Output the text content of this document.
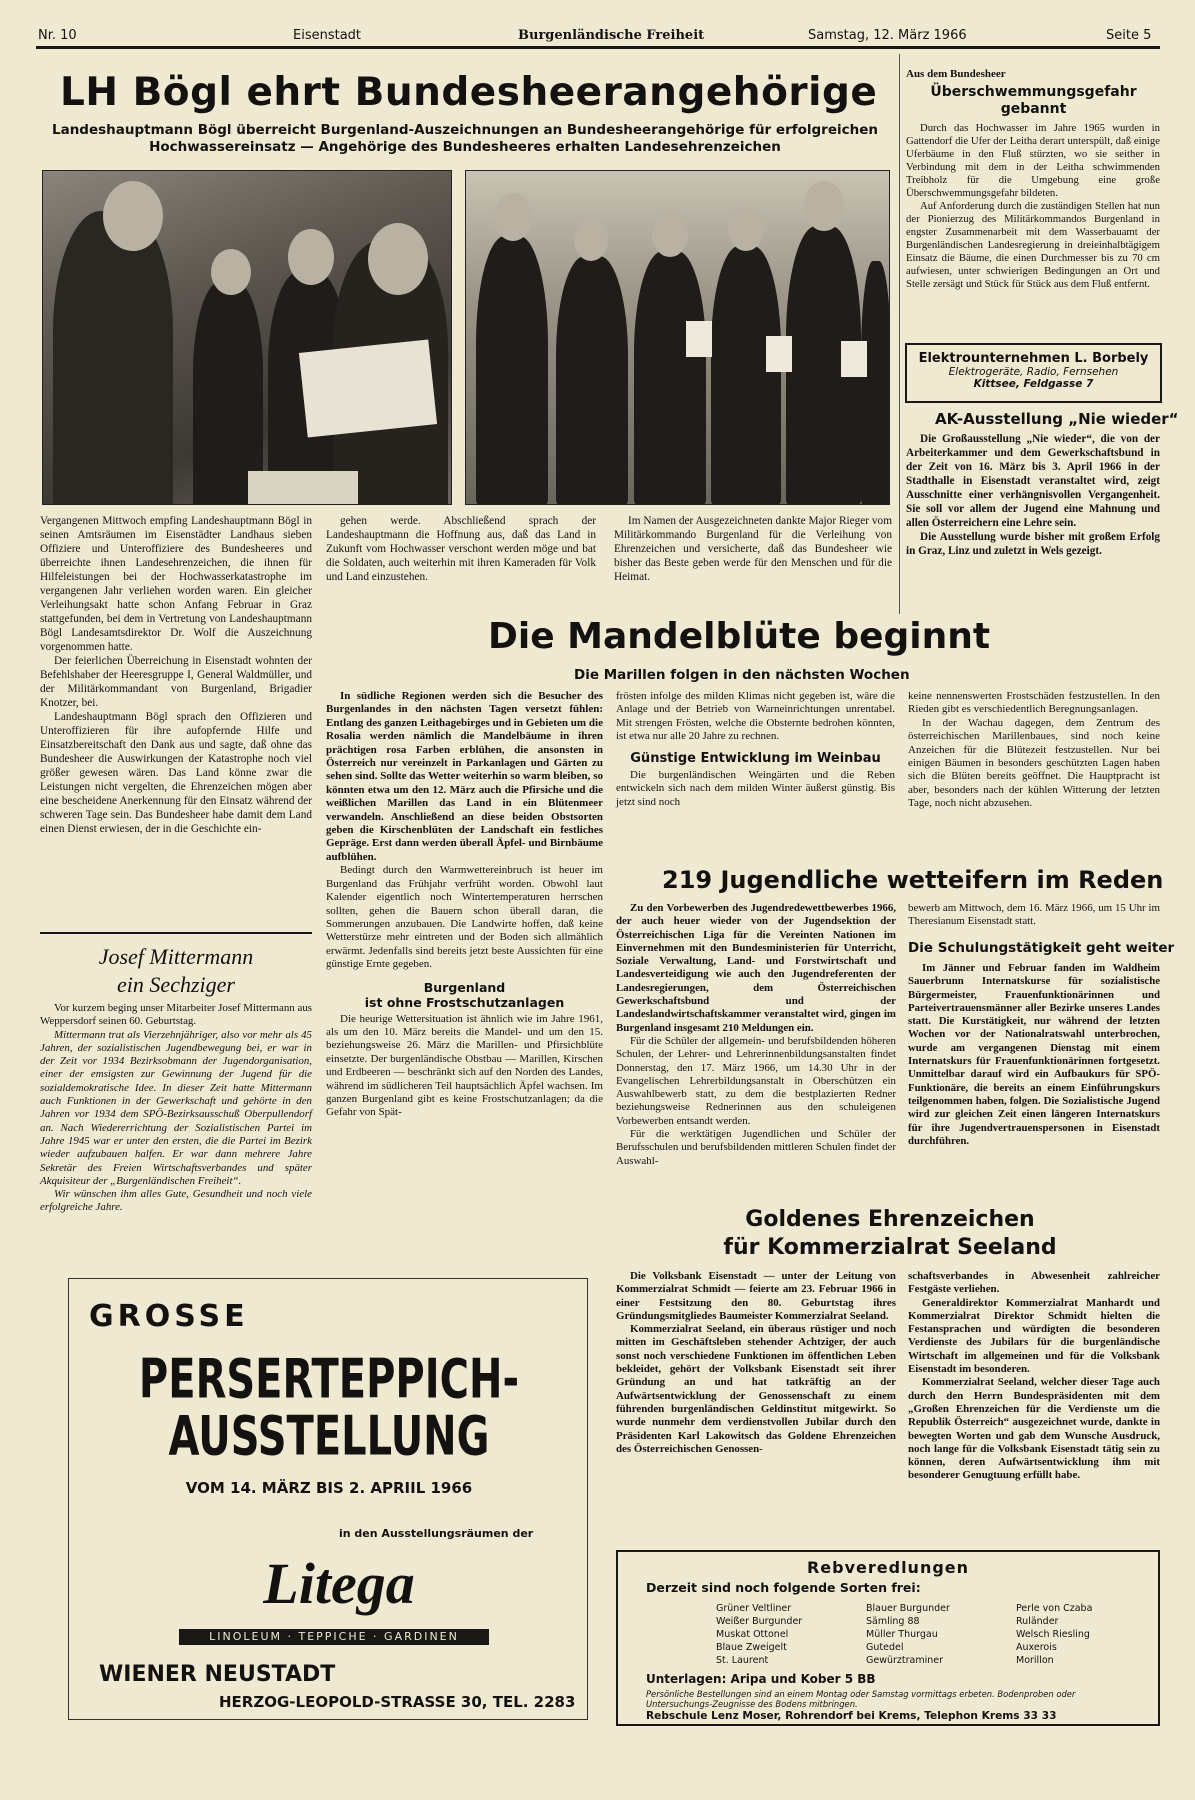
Nr. 10	Eisenstadt	Burgenländische Freiheit	Samstag, 12. März 1966	Seite 5
LH Bögl ehrt Bundesheerangehörige
Landeshauptmann Bögl überreicht Burgenland-Auszeichnungen an Bundesheerangehörige für erfolgreichen Hochwassereinsatz — Angehörige des Bundesheeres erhalten Landesehrenzeichen

Vergangenen Mittwoch empfing Landeshauptmann Bögl in seinen Amtsräumen im Eisenstädter Landhaus sieben Offiziere und Unteroffiziere des Bundesheeres und überreichte ihnen Landesehrenzeichen, die ihnen für Hilfeleistungen bei der Hochwasserkatastrophe im vergangenen Jahr verliehen worden waren. Ein gleicher Verleihungsakt hatte schon Anfang Februar in Graz stattgefunden, bei dem in Vertretung von Landeshauptmann Bögl Landesamtsdirektor Dr. Wolf die Auszeichnung vorgenommen hatte.

Der feierlichen Überreichung in Eisenstadt wohnten der Befehlshaber der Heeresgruppe I, General Waldmüller, und der Militärkommandant von Burgenland, Brigadier Knotzer, bei.

Landeshauptmann Bögl sprach den Offizieren und Unteroffizieren für ihre aufopfernde Hilfe und Einsatzbereitschaft den Dank aus und sagte, daß ohne das Bundesheer die Auswirkungen der Katastrophe noch viel größer gewesen wären. Das Land könne zwar die Leistungen nicht vergelten, die Ehrenzeichen mögen aber eine bescheidene Anerkennung für den Einsatz während der schweren Tage sein. Das Bundesheer habe damit dem Land einen Dienst erwiesen, der in die Geschichte ein-

gehen werde. Abschließend sprach der Landeshauptmann die Hoffnung aus, daß das Land in Zukunft vom Hochwasser verschont werden möge und bat die Soldaten, auch weiterhin mit ihren Kameraden für Volk und Land einzustehen.
Im Namen der Ausgezeichneten dankte Major Rieger vom Militärkommando Burgenland für die Verleihung von Ehrenzeichen und versicherte, daß das Bundesheer wie bisher das Beste geben werde für den Menschen und für die Heimat.
Aus dem Bundesheer
Überschwemmungsgefahr gebannt

Durch das Hochwasser im Jahre 1965 wurden in Gattendorf die Ufer der Leitha derart unterspült, daß einige Uferbäume in den Fluß stürzten, wo sie seither in Verbindung mit dem in der Leitha schwimmenden Treibholz für die Umgebung eine große Überschwemmungsgefahr bildeten.

Auf Anforderung durch die zuständigen Stellen hat nun der Pionierzug des Militärkommandos Burgenland in engster Zusammenarbeit mit dem Wasserbauamt der Burgenländischen Landesregierung in dreieinhalbtägigem Einsatz die Bäume, die einen Durchmesser bis zu 70 cm aufwiesen, unter schwierigen Bedingungen an Ort und Stelle zersägt und Stück für Stück aus dem Fluß entfernt.

Elektrounternehmen L. Borbely
Elektrogeräte, Radio, Fernsehen
Kittsee, Feldgasse 7
AK-Ausstellung „Nie wieder“

Die Großausstellung „Nie wieder“, die von der Arbeiterkammer und dem Gewerkschaftsbund in der Zeit von 16. März bis 3. April 1966 in der Stadthalle in Eisenstadt veranstaltet wird, zeigt Ausschnitte einer verhängnisvollen Vergangenheit. Sie soll vor allem der Jugend eine Mahnung und allen Österreichern eine Lehre sein.

Die Ausstellung wurde bisher mit großem Erfolg in Graz, Linz und zuletzt in Wels gezeigt.

Die Mandelblüte beginnt
Die Marillen folgen in den nächsten Wochen
Josef Mittermann
ein Sechziger

Vor kurzem beging unser Mitarbeiter Josef Mittermann aus Weppersdorf seinen 60. Geburtstag.

Mittermann trat als Vierzehnjähriger, also vor mehr als 45 Jahren, der sozialistischen Jugendbewegung bei, er war in der Zeit vor 1934 Bezirksobmann der Jugendorganisation, einer der emsigsten zur Gewinnung der Jugend für die sozialdemokratische Idee. In dieser Zeit hatte Mittermann auch Funktionen in der Gewerkschaft und gehörte in den Jahren vor 1934 dem SPÖ-Bezirksausschuß Oberpullendorf an. Nach Wiedererrichtung der Sozialistischen Partei im Jahre 1945 war er unter den ersten, die die Partei im Bezirk wieder aufzubauen halfen. Er war dann mehrere Jahre Sekretär des Freien Wirtschaftsverbandes und später Akquisiteur der „Burgenländischen Freiheit“.

Wir wünschen ihm alles Gute, Gesundheit und noch viele erfolgreiche Jahre.

In südliche Regionen werden sich die Besucher des Burgenlandes in den nächsten Tagen versetzt fühlen: Entlang des ganzen Leithagebirges und in Gebieten um die Rosalia werden nämlich die Mandelbäume in ihren prächtigen rosa Farben erblühen, die ansonsten in Österreich nur vereinzelt in Parkanlagen und Gärten zu sehen sind. Sollte das Wetter weiterhin so warm bleiben, so könnten etwa um den 12. März auch die Pfirsiche und die weißlichen Marillen das Land in ein Blütenmeer verwandeln. Anschließend an diese beiden Obstsorten geben die Kirschenblüten der Landschaft ein festliches Gepräge. Erst dann werden überall Äpfel- und Birnbäume aufblühen.

Bedingt durch den Warmwettereinbruch ist heuer im Burgenland das Frühjahr verfrüht worden. Obwohl laut Kalender eigentlich noch Wintertemperaturen herrschen sollten, gehen die Bauern schon überall daran, die Sommerungen anzubauen. Die Landwirte hoffen, daß keine Wetterstürze mehr eintreten und der Boden sich allmählich erwärmt. Jedenfalls sind bereits jetzt beste Aussichten für eine günstige Ernte gegeben.

Burgenland

ist ohne Frostschutzanlagen

Die heurige Wettersituation ist ähnlich wie im Jahre 1961, als um den 10. März bereits die Mandel- und um den 15. beziehungsweise 26. März die Marillen- und Pfirsichblüte einsetzte. Der burgenländische Obstbau — Marillen, Kirschen und Erdbeeren — beschränkt sich auf den Norden des Landes, während im südlicheren Teil hauptsächlich Äpfel wachsen. Im ganzen Burgenland gibt es keine Frostschutzanlagen; da die Gefahr von Spät-

frösten infolge des milden Klimas nicht gegeben ist, wäre die Anlage und der Betrieb von Warneinrichtungen unrentabel. Mit strengen Frösten, welche die Obsternte bedrohen könnten, ist etwa nur alle 20 Jahre zu rechnen.

Günstige Entwicklung im Weinbau

Die burgenländischen Weingärten und die Reben entwickeln sich nach dem milden Winter äußerst günstig. Bis jetzt sind noch

keine nennenswerten Frostschäden festzustellen. In den Rieden gibt es verschiedentlich Beregnungsanlagen.

In der Wachau dagegen, dem Zentrum des österreichischen Marillenbaues, sind noch keine Anzeichen für die Blütezeit festzustellen. Nur bei einigen Bäumen in besonders geschützten Lagen haben sich die Blüten bereits geöffnet. Die Hauptpracht ist aber, besonders nach der kühlen Witterung der letzten Tage, noch nicht abzusehen.

219 Jugendliche wetteifern im Reden

Zu den Vorbewerben des Jugendredewettbewerbes 1966, der auch heuer wieder von der Jugendsektion der Österreichischen Liga für die Vereinten Nationen im Einvernehmen mit den Bundesministerien für Unterricht, Soziale Verwaltung, Land- und Forstwirtschaft und Landesverteidigung wie auch den Jugendreferenten der Landesregierungen, dem Österreichischen Gewerkschaftsbund und der Landeslandwirtschaftskammer veranstaltet wird, gingen im Burgenland insgesamt 210 Meldungen ein.

Für die Schüler der allgemein- und berufsbildenden höheren Schulen, der Lehrer- und Lehrerinnenbildungsanstalten findet Donnerstag, den 17. März 1966, um 14.30 Uhr in der Evangelischen Lehrerbildungsanstalt in Oberschützen ein Auswahlbewerb statt, zu dem die bestplazierten Redner beziehungsweise Rednerinnen aus den schuleigenen Vorbewerben entsandt werden.

Für die werktätigen Jugendlichen und Schüler der Berufsschulen und berufsbildenden mittleren Schulen findet der Auswahl-

bewerb am Mittwoch, dem 16. März 1966, um 15 Uhr im Theresianum Eisenstadt statt.
Die Schulungstätigkeit geht weiter
Im Jänner und Februar fanden im Waldheim Sauerbrunn Internatskurse für sozialistische Bürgermeister, Frauenfunktionärinnen und Parteivertrauensmänner aller Bezirke unseres Landes statt. Die Kurstätigkeit, nur während der letzten Wochen vor der Nationalratswahl unterbrochen, wurde am vergangenen Dienstag mit einem Internatskurs für Frauenfunktionärinnen fortgesetzt. Unmittelbar darauf wird ein Aufbaukurs für SPÖ-Funktionäre, die bereits an einem Einführungskurs teilgenommen haben, folgen. Die Sozialistische Jugend wird zur gleichen Zeit einen längeren Internatskurs für ihre Jugendvertrauenspersonen in Eisenstadt durchführen.
Goldenes Ehrenzeichen
für Kommerzialrat Seeland

Die Volksbank Eisenstadt — unter der Leitung von Kommerzialrat Schmidt — feierte am 23. Februar 1966 in einer Festsitzung den 80. Geburtstag ihres Gründungsmitgliedes Baumeister Kommerzialrat Seeland.

Kommerzialrat Seeland, ein überaus rüstiger und noch mitten im Geschäftsleben stehender Achtziger, der auch sonst noch verschiedene Funktionen im öffentlichen Leben bekleidet, gehört der Volksbank Eisenstadt seit ihrer Gründung an und hat tatkräftig an der Aufwärtsentwicklung der Genossenschaft zu einem führenden burgenländischen Geldinstitut mitgewirkt. So wurde nunmehr dem verdienstvollen Jubilar durch den Präsidenten Karl Lakowitsch das Goldene Ehrenzeichen des Österreichischen Genossen-

schaftsverbandes in Abwesenheit zahlreicher Festgäste verliehen.

Generaldirektor Kommerzialrat Manhardt und Kommerzialrat Direktor Schmidt hielten die Festansprachen und würdigten die besonderen Verdienste des Jubilars für die burgenländische Wirtschaft im allgemeinen und für die Volksbank Eisenstadt im besonderen.

Kommerzialrat Seeland, welcher dieser Tage auch durch den Herrn Bundespräsidenten mit dem „Großen Ehrenzeichen für die Verdienste um die Republik Österreich“ ausgezeichnet wurde, dankte in bewegten Worten und gab dem Wunsche Ausdruck, noch lange für die Volksbank Eisenstadt tätig sein zu können, deren Aufwärtsentwicklung ihm mit besonderer Genugtuung erfüllt habe.

GROSSE
PERSERTEPPICH-
AUSSTELLUNG
VOM 14. MÄRZ BIS 2. APRIIL 1966
in den Ausstellungsräumen der
Litega
LINOLEUM · TEPPICHE · GARDINEN
WIENER NEUSTADT
HERZOG-LEOPOLD-STRASSE 30, TEL. 2283
Rebveredlungen
Derzeit sind noch folgende Sorten frei:
Grüner Veltliner
Weißer Burgunder
Muskat Ottonel
Blaue Zweigelt
St. Laurent
Blauer Burgunder
Sämling 88
Müller Thurgau
Gutedel
Gewürztraminer
Perle von Czaba
Ruländer
Welsch Riesling
Auxerois
Morillon
Unterlagen: Aripa und Kober 5 BB
Persönliche Bestellungen sind an einem Montag oder Samstag vormittags erbeten. Bodenproben oder Untersuchungs-Zeugnisse des Bodens mitbringen.
Rebschule Lenz Moser, Rohrendorf bei Krems, Telephon Krems 33 33
